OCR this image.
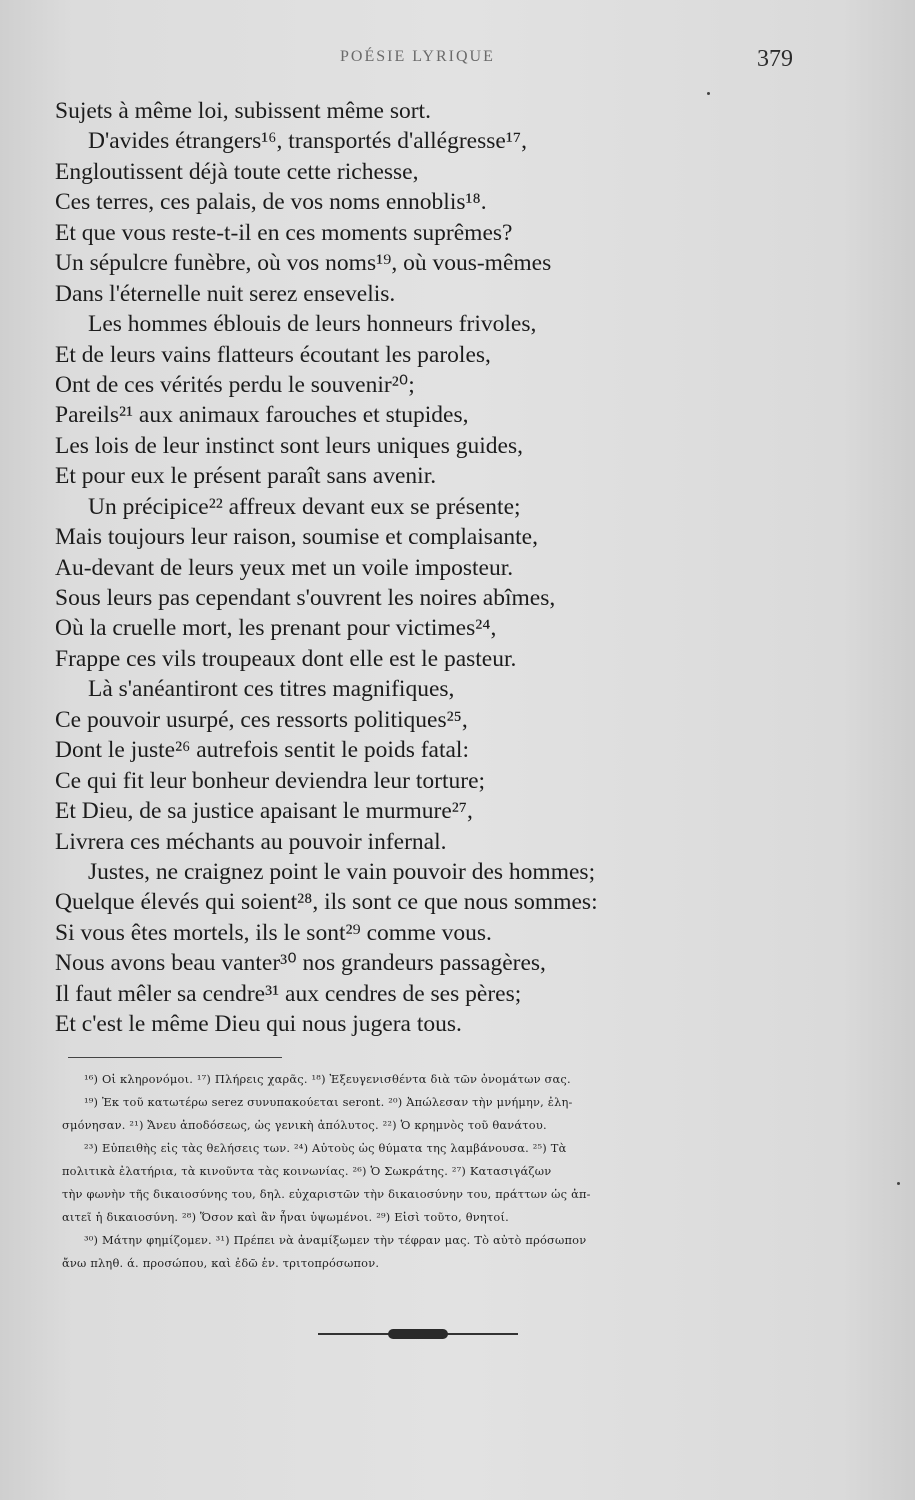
POÉSIE LYRIQUE	379
Sujets à même loi, subissent même sort.
D'avides étrangers¹⁶, transportés d'allégresse¹⁷,
Engloutissent déjà toute cette richesse,
Ces terres, ces palais, de vos noms ennoblis¹⁸.
Et que vous reste-t-il en ces moments suprêmes?
Un sépulcre funèbre, où vos noms¹⁹, où vous-mêmes
Dans l'éternelle nuit serez ensevelis.
Les hommes éblouis de leurs honneurs frivoles,
Et de leurs vains flatteurs écoutant les paroles,
Ont de ces vérités perdu le souvenir²⁰;
Pareils²¹ aux animaux farouches et stupides,
Les lois de leur instinct sont leurs uniques guides,
Et pour eux le présent paraît sans avenir.
Un précipice²² affreux devant eux se présente;
Mais toujours leur raison, soumise et complaisante,
Au-devant de leurs yeux met un voile imposteur.
Sous leurs pas cependant s'ouvrent les noires abîmes,
Où la cruelle mort, les prenant pour victimes²⁴,
Frappe ces vils troupeaux dont elle est le pasteur.
Là s'anéantiront ces titres magnifiques,
Ce pouvoir usurpé, ces ressorts politiques²⁵,
Dont le juste²⁶ autrefois sentit le poids fatal:
Ce qui fit leur bonheur deviendra leur torture;
Et Dieu, de sa justice apaisant le murmure²⁷,
Livrera ces méchants au pouvoir infernal.
Justes, ne craignez point le vain pouvoir des hommes;
Quelque élevés qui soient²⁸, ils sont ce que nous sommes:
Si vous êtes mortels, ils le sont²⁹ comme vous.
Nous avons beau vanter³⁰ nos grandeurs passagères,
Il faut mêler sa cendre³¹ aux cendres de ses pères;
Et c'est le même Dieu qui nous jugera tous.
¹⁶) Οἱ κληρονόμοι. ¹⁷) Πλήρεις χαρᾶς. ¹⁸) Ἐξευγενισθέντα διὰ τῶν ὀνομάτων σας.
¹⁹) Ἐκ τοῦ κατωτέρω serez συνυπακούεται seront. ²⁰) Ἀπώλεσαν τὴν μνήμην, ἐλη-
σμόνησαν. ²¹) Ἄνευ ἀποδόσεως, ὡς γενικὴ ἀπόλυτος. ²²) Ὁ κρημνὸς τοῦ θανάτου.
²³) Εὐπειθὴς εἰς τὰς θελήσεις των. ²⁴) Αὐτοὺς ὡς θύματα της λαμβάνουσα. ²⁵) Τὰ
πολιτικὰ ἐλατήρια, τὰ κινοῦντα τὰς κοινωνίας. ²⁶) Ὁ Σωκράτης. ²⁷) Κατασιγάζων
τὴν φωνὴν τῆς δικαιοσύνης του, δηλ. εὐχαριστῶν τὴν δικαιοσύνην του, πράττων ὡς ἀπ-
αιτεῖ ἡ δικαιοσύνη. ²⁸) Ὅσον καὶ ἂν ἦναι ὑψωμένοι. ²⁹) Εἰσὶ τοῦτο, θνητοί.
³⁰) Μάτην φημίζομεν. ³¹) Πρέπει νὰ ἀναμίξωμεν τὴν τέφραν μας. Τὸ αὐτὸ πρόσωπον
ἄνω πληθ. ά. προσώπου, καὶ ἐδῶ ἑν. τριτοπρόσωπον.
